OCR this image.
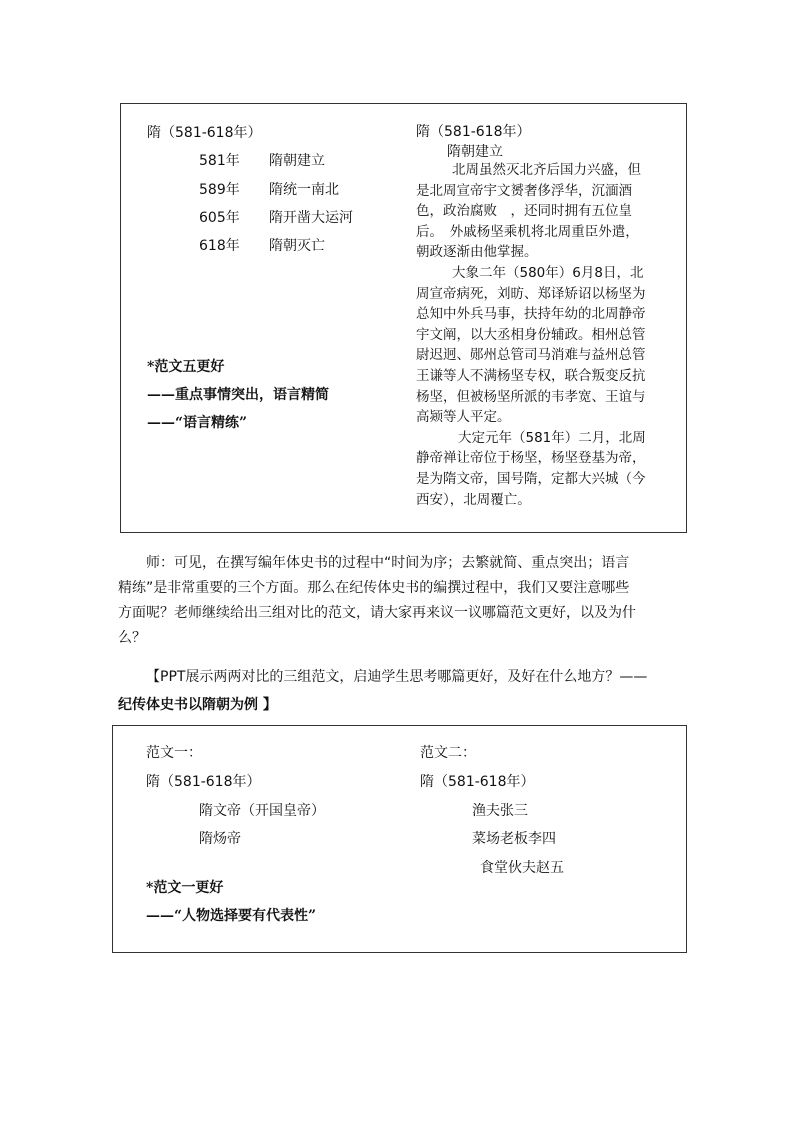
隋（581-618年）
581年 隋朝建立
589年 隋统一南北
605年 隋开凿大运河
618年 隋朝灭亡
*范文五更好
——重点事情突出，语言精简
——“语言精练”
隋（581-618年）
隋朝建立
北周虽然灭北齐后国力兴盛，但
是北周宣帝宇文赟奢侈浮华，沉湎酒
色，政治腐败　，还同时拥有五位皇
后。　外戚杨坚乘机将北周重臣外遣，
朝政逐渐由他掌握。
大象二年（580年）6月8日，北
周宣帝病死，刘昉、郑译矫诏以杨坚为
总知中外兵马事，扶持年幼的北周静帝
宇文阐，以大丞相身份辅政。相州总管
尉迟迥、郧州总管司马消难与益州总管
王谦等人不满杨坚专权，联合叛变反抗
杨坚，但被杨坚所派的韦孝宽、王谊与
高颎等人平定。
大定元年（581年）二月，北周
静帝禅让帝位于杨坚，杨坚登基为帝，
是为隋文帝，国号隋，定都大兴城（今
西安），北周覆亡。
师：可见，在撰写编年体史书的过程中“时间为序；去繁就简、重点突出；语言
精练”是非常重要的三个方面。那么在纪传体史书的编撰过程中，我们又要注意哪些
方面呢？老师继续给出三组对比的范文，请大家再来议一议哪篇范文更好，以及为什
么？
【PPT展示两两对比的三组范文，启迪学生思考哪篇更好，及好在什么地方？——
纪传体史书以隋朝为例 】
范文一：
隋（581-618年）
隋文帝（开国皇帝）
隋炀帝
*范文一更好
——“人物选择要有代表性”
范文二：
隋（581-618年）
渔夫张三
菜场老板李四
食堂伙夫赵五
